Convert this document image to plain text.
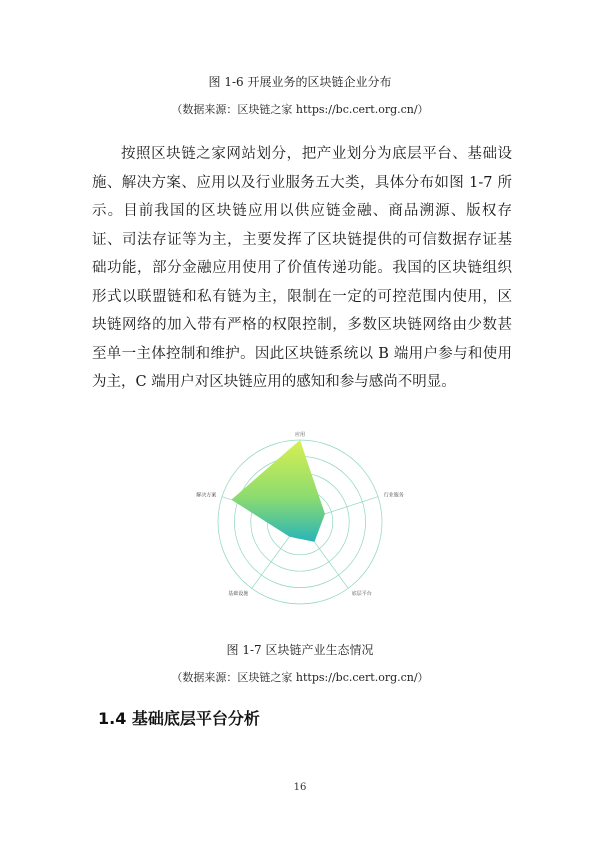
图 1-6 开展业务的区块链企业分布
（数据来源：区块链之家 https://bc.cert.org.cn/）

按照区块链之家网站划分，把产业划分为底层平台、基础设施、解决方案、应用以及行业服务五大类，具体分布如图 1-7 所示。目前我国的区块链应用以供应链金融、商品溯源、版权存证、司法存证等为主，主要发挥了区块链提供的可信数据存证基础功能，部分金融应用使用了价值传递功能。我国的区块链组织形式以联盟链和私有链为主，限制在一定的可控范围内使用，区块链网络的加入带有严格的权限控制，多数区块链网络由少数甚至单一主体控制和维护。因此区块链系统以 B 端用户参与和使用为主，C 端用户对区块链应用的感知和参与感尚不明显。

应用
行业服务
底层平台
基础设施
解决方案
图 1-7 区块链产业生态情况
（数据来源：区块链之家 https://bc.cert.org.cn/）
1.4 基础底层平台分析
16
